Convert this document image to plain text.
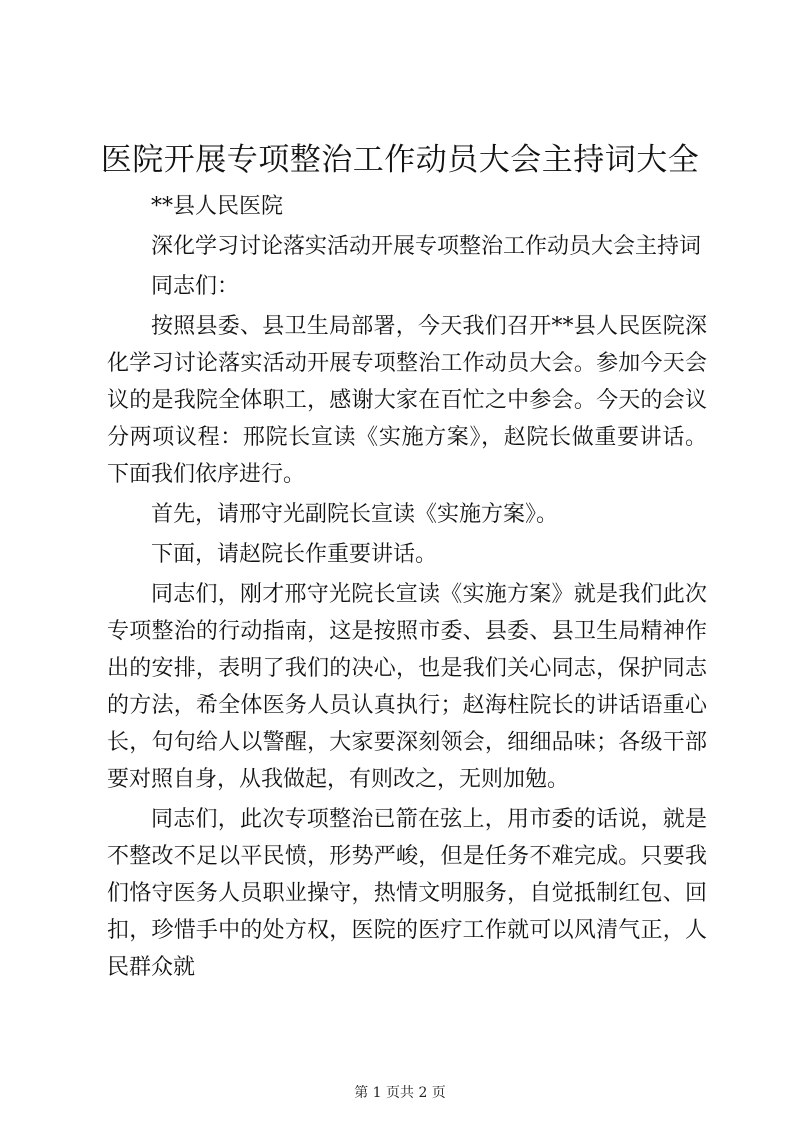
医院开展专项整治工作动员大会主持词大全

**县人民医院

深化学习讨论落实活动开展专项整治工作动员大会主持词

同志们：

按照县委、县卫生局部署，今天我们召开**县人民医院深化学习讨论落实活动开展专项整治工作动员大会。参加今天会议的是我院全体职工，感谢大家在百忙之中参会。今天的会议分两项议程：邢院长宣读《实施方案》，赵院长做重要讲话。下面我们依序进行。

首先，请邢守光副院长宣读《实施方案》。

下面，请赵院长作重要讲话。

同志们，刚才邢守光院长宣读《实施方案》就是我们此次专项整治的行动指南，这是按照市委、县委、县卫生局精神作出的安排，表明了我们的决心，也是我们关心同志，保护同志的方法，希全体医务人员认真执行；赵海柱院长的讲话语重心长，句句给人以警醒，大家要深刻领会，细细品味；各级干部要对照自身，从我做起，有则改之，无则加勉。

同志们，此次专项整治已箭在弦上，用市委的话说，就是不整改不足以平民愤，形势严峻，但是任务不难完成。只要我们恪守医务人员职业操守，热情文明服务，自觉抵制红包、回扣，珍惜手中的处方权，医院的医疗工作就可以风清气正，人民群众就

第 1 页共 2 页
